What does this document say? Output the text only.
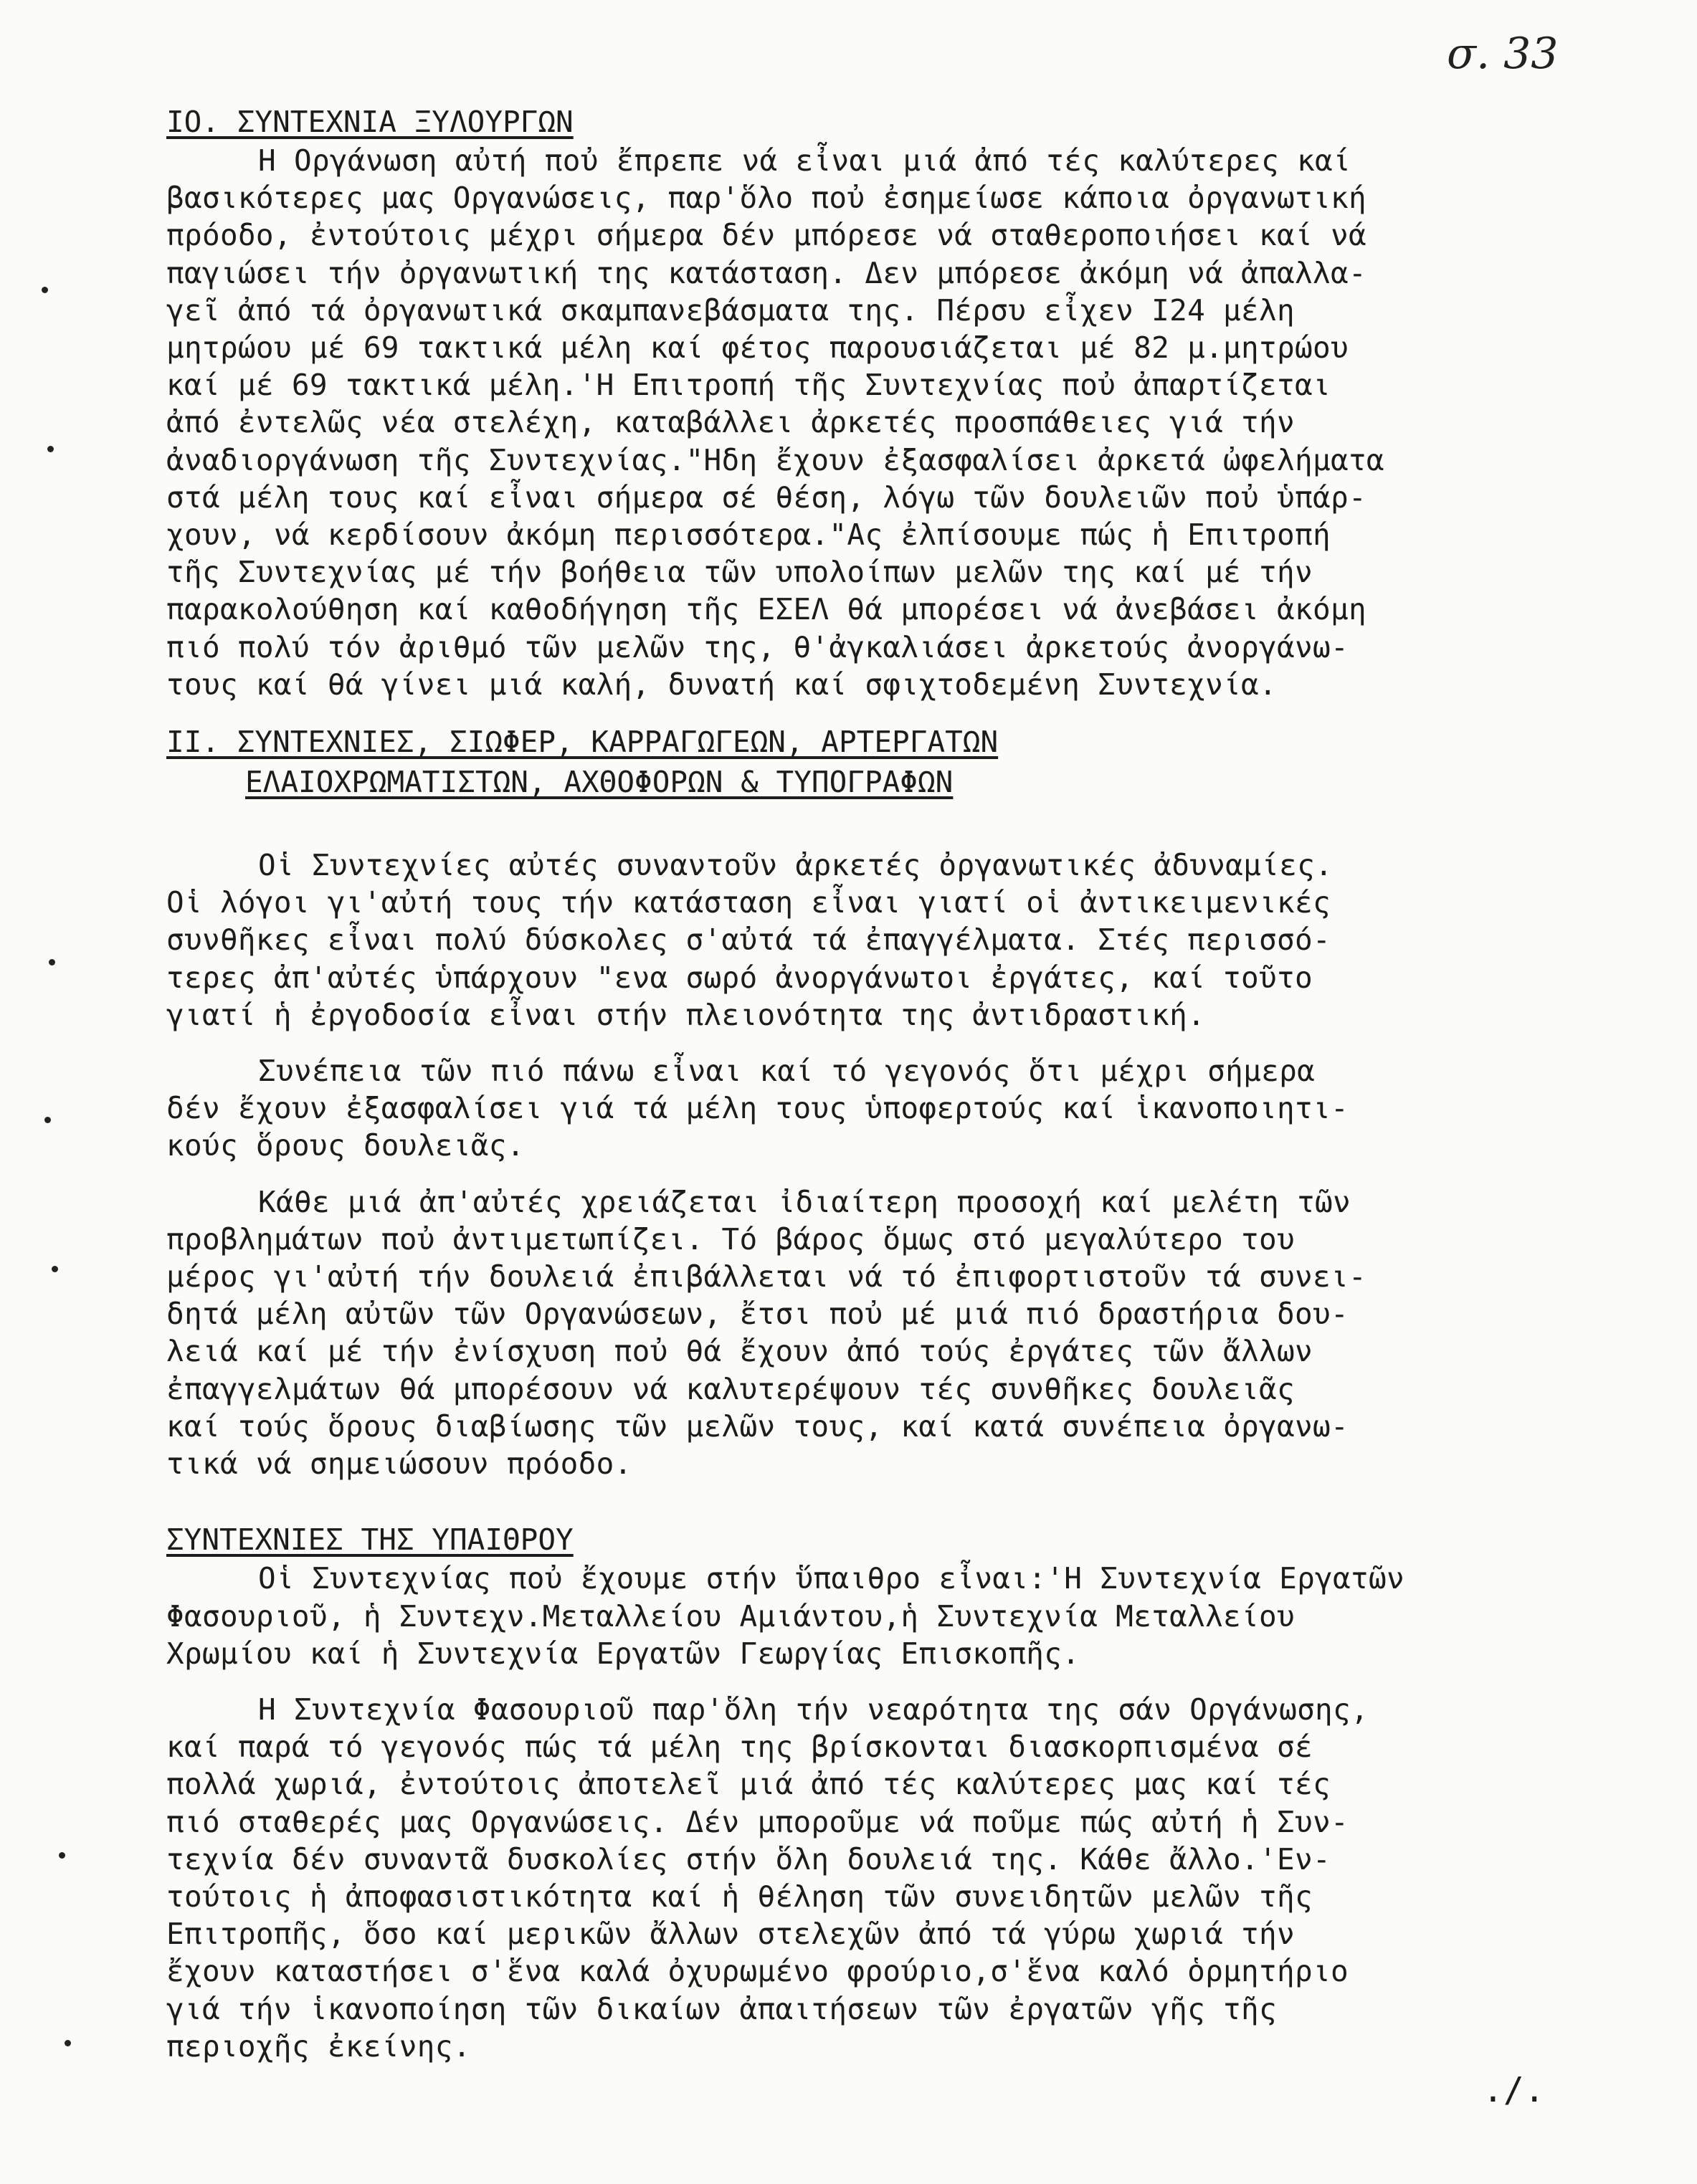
σ. 33
IO. ΣΥΝΤΕΧΝΙΑ ΞΥΛΟΥΡΓΩΝ
Η Οργάνωση αὐτή ποὐ ἔπρεπε νά εἶναι μιά ἀπό τές καλύτερες καί
βασικότερες μας Οργανώσεις, παρ'ὅλο ποὐ ἐσημείωσε κάποια ὀργανωτική
πρόοδο, ἐντούτοις μέχρι σήμερα δέν μπόρεσε νά σταθεροποιήσει καί νά
παγιώσει τήν ὀργανωτική της κατάσταση. Δεν μπόρεσε ἀκόμη νά ἀπαλλα-
γεῖ ἀπό τά ὀργανωτικά σκαμπανεβάσματα της. Πέρσυ εἶχεν I24 μέλη
μητρώου μέ 69 τακτικά μέλη καί φέτος παρουσιάζεται μέ 82 μ.μητρώου
καί μέ 69 τακτικά μέλη.'Η Επιτροπή τῆς Συντεχνίας ποὐ ἀπαρτίζεται
ἀπό ἐντελῶς νέα στελέχη, καταβάλλει ἀρκετές προσπάθειες γιά τήν
ἀναδιοργάνωση τῆς Συντεχνίας."Ηδη ἔχουν ἐξασφαλίσει ἀρκετά ὠφελήματα
στά μέλη τους καί εἶναι σήμερα σέ θέση, λόγω τῶν δουλειῶν ποὐ ὑπάρ-
χουν, νά κερδίσουν ἀκόμη περισσότερα."Ας ἐλπίσουμε πώς ἡ Επιτροπή
τῆς Συντεχνίας μέ τήν βοήθεια τῶν υπολοίπων μελῶν της καί μέ τήν
παρακολούθηση καί καθοδήγηση τῆς ΕΣΕΛ θά μπορέσει νά ἀνεβάσει ἀκόμη
πιό πολύ τόν ἀριθμό τῶν μελῶν της, θ'ἀγκαλιάσει ἀρκετούς ἀνοργάνω-
τους καί θά γίνει μιά καλή, δυνατή καί σφιχτοδεμένη Συντεχνία.
II. ΣΥΝΤΕΧΝΙΕΣ, ΣΙΩΦΕΡ, ΚΑΡΡΑΓΩΓΕΩΝ, ΑΡΤΕΡΓΑΤΩΝ
ΕΛΑΙΟΧΡΩΜΑΤΙΣΤΩΝ, ΑΧΘΟΦΟΡΩΝ & ΤΥΠΟΓΡΑΦΩΝ
Οἱ Συντεχνίες αὐτές συναντοῦν ἀρκετές ὀργανωτικές ἀδυναμίες.
Οἱ λόγοι γι'αὐτή τους τήν κατάσταση εἶναι γιατί οἱ ἀντικειμενικές
συνθῆκες εἶναι πολύ δύσκολες σ'αὐτά τά ἐπαγγέλματα. Στές περισσό-
τερες ἀπ'αὐτές ὑπάρχουν "ενα σωρό ἀνοργάνωτοι ἐργάτες, καί τοῦτο
γιατί ἡ ἐργοδοσία εἶναι στήν πλειονότητα της ἀντιδραστική.
Συνέπεια τῶν πιό πάνω εἶναι καί τό γεγονός ὅτι μέχρι σήμερα
δέν ἔχουν ἐξασφαλίσει γιά τά μέλη τους ὑποφερτούς καί ἱκανοποιητι-
κούς ὅρους δουλειᾶς.
Κάθε μιά ἀπ'αὐτές χρειάζεται ἰδιαίτερη προσοχή καί μελέτη τῶν
προβλημάτων ποὐ ἀντιμετωπίζει. Τό βάρος ὅμως στό μεγαλύτερο του
μέρος γι'αὐτή τήν δουλειά ἐπιβάλλεται νά τό ἐπιφορτιστοῦν τά συνει-
δητά μέλη αὐτῶν τῶν Οργανώσεων, ἔτσι ποὐ μέ μιά πιό δραστήρια δου-
λειά καί μέ τήν ἐνίσχυση ποὐ θά ἔχουν ἀπό τούς ἐργάτες τῶν ἄλλων
ἐπαγγελμάτων θά μπορέσουν νά καλυτερέψουν τές συνθῆκες δουλειᾶς
καί τούς ὅρους διαβίωσης τῶν μελῶν τους, καί κατά συνέπεια ὀργανω-
τικά νά σημειώσουν πρόοδο.
ΣΥΝΤΕΧΝΙΕΣ ΤΗΣ ΥΠΑΙΘΡΟΥ
Οἱ Συντεχνίας ποὐ ἔχουμε στήν ὕπαιθρο εἶναι:'Η Συντεχνία Εργατῶν
Φασουριοῦ, ἡ Συντεχν.Μεταλλείου Αμιάντου,ἡ Συντεχνία Μεταλλείου
Χρωμίου καί ἡ Συντεχνία Εργατῶν Γεωργίας Επισκοπῆς.
Η Συντεχνία Φασουριοῦ παρ'ὅλη τήν νεαρότητα της σάν Οργάνωσης,
καί παρά τό γεγονός πώς τά μέλη της βρίσκονται διασκορπισμένα σέ
πολλά χωριά, ἐντούτοις ἀποτελεῖ μιά ἀπό τές καλύτερες μας καί τές
πιό σταθερές μας Οργανώσεις. Δέν μποροῦμε νά ποῦμε πώς αὐτή ἡ Συν-
τεχνία δέν συναντᾶ δυσκολίες στήν ὅλη δουλειά της. Κάθε ἄλλο.'Εν-
τούτοις ἡ ἀποφασιστικότητα καί ἡ θέληση τῶν συνειδητῶν μελῶν τῆς
Επιτροπῆς, ὅσο καί μερικῶν ἄλλων στελεχῶν ἀπό τά γύρω χωριά τήν
ἔχουν καταστήσει σ'ἕνα καλά ὀχυρωμένο φρούριο,σ'ἕνα καλό ὁρμητήριο
γιά τήν ἱκανοποίηση τῶν δικαίων ἀπαιτήσεων τῶν ἐργατῶν γῆς τῆς
περιοχῆς ἐκείνης.
./.
